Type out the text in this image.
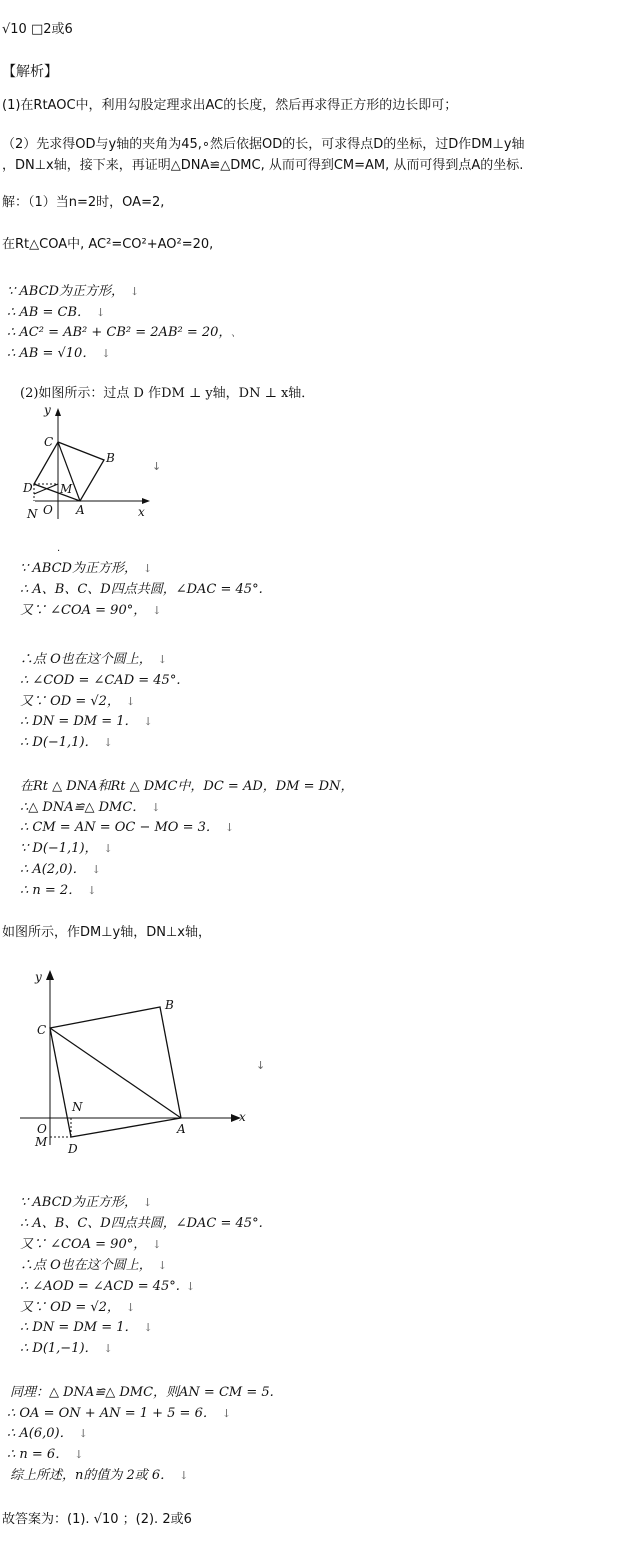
√10 □2或6
【解析】
(1)在RtAOC中，利用勾股定理求出AC的长度，然后再求得正方形的边长即可；
（2）先求得OD与y轴的夹角为45,∘然后依据OD的长，可求得点D的坐标，过D作DM⊥y轴
，DN⊥x轴，接下来，再证明△DNA≌△DMC, 从而可得到CM=AM, 从而可得到点A的坐标.
解：（1）当n=2时，OA=2,
在Rt△COA中, AC²=CO²+AO²=20,
∵ ABCD为正方形， ↓
∴ AB = CB． ↓
∴ AC² = AB² + CB² = 2AB² = 20， 、
∴ AB = √10． ↓
(2)如图所示：过点 D 作DM ⊥ y轴，DN ⊥ x轴．
y
C
B
D M
N O A	x
↓
.
∵ ABCD为正方形， ↓
∴ A、B、C、D四点共圆，∠DAC = 45°.
又∵ ∠COA = 90°， ↓
∴点 O也在这个圆上， ↓
∴ ∠COD = ∠CAD = 45°.
又∵ OD = √2， ↓
∴ DN = DM = 1． ↓
∴ D(−1,1)． ↓
在Rt △ DNA和Rt △ DMC中，DC = AD，DM = DN，
∴△ DNA≌△ DMC． ↓
∴ CM = AN = OC − MO = 3． ↓
∵ D(−1,1)， ↓
∴ A(2,0)． ↓
∴ n = 2． ↓
如图所示，作DM⊥y轴，DN⊥x轴，
y
B
C
N
A
x
O
M D
↓
∵ ABCD为正方形， ↓
∴ A、B、C、D四点共圆，∠DAC = 45°.
又∵ ∠COA = 90°， ↓
∴点 O也在这个圆上， ↓
∴ ∠AOD = ∠ACD = 45°. ↓
又∵ OD = √2， ↓
∴ DN = DM = 1． ↓
∴ D(1,−1)． ↓
同理：△ DNA≌△ DMC，则AN = CM = 5.
∴ OA = ON + AN = 1 + 5 = 6． ↓
∴ A(6,0)． ↓
∴ n = 6． ↓
综上所述，n的值为 2或 6． ↓
故答案为：(1). √10 ；(2). 2或6
